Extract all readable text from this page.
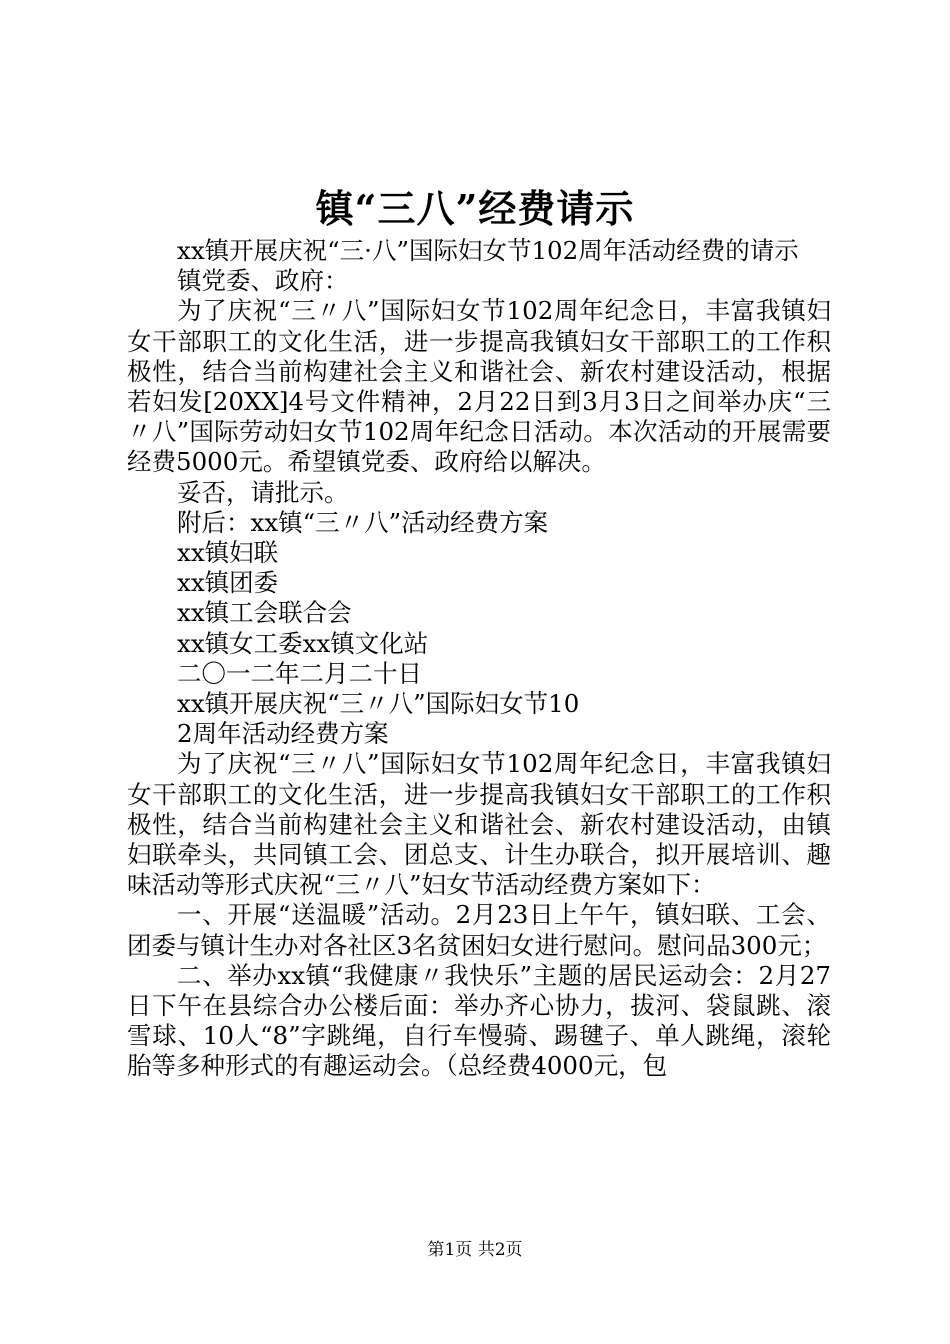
镇“三八”经费请示

xx镇开展庆祝“三·八”国际妇女节102周年活动经费的请示

镇党委、政府：

为了庆祝“三〃八”国际妇女节102周年纪念日，丰富我镇妇女干部职工的文化生活，进一步提高我镇妇女干部职工的工作积极性，结合当前构建社会主义和谐社会、新农村建设活动，根据若妇发[20XX]4号文件精神，2月22日到3月3日之间举办庆“三〃八”国际劳动妇女节102周年纪念日活动。本次活动的开展需要经费5000元。希望镇党委、政府给以解决。

妥否，请批示。

附后：xx镇“三〃八”活动经费方案

xx镇妇联

xx镇团委

xx镇工会联合会

xx镇女工委xx镇文化站

二〇一二年二月二十日

xx镇开展庆祝“三〃八”国际妇女节10

2周年活动经费方案

为了庆祝“三〃八”国际妇女节102周年纪念日，丰富我镇妇女干部职工的文化生活，进一步提高我镇妇女干部职工的工作积极性，结合当前构建社会主义和谐社会、新农村建设活动，由镇妇联牵头，共同镇工会、团总支、计生办联合，拟开展培训、趣味活动等形式庆祝“三〃八”妇女节活动经费方案如下：

一、开展“送温暖”活动。2月23日上午午，镇妇联、工会、团委与镇计生办对各社区3名贫困妇女进行慰问。慰问品300元；

二、举办xx镇“我健康〃我快乐”主题的居民运动会：2月27日下午在县综合办公楼后面：举办齐心协力，拔河、袋鼠跳、滚雪球、10人“8”字跳绳，自行车慢骑、踢毽子、单人跳绳，滚轮胎等多种形式的有趣运动会。（总经费4000元，包

第1页 共2页
